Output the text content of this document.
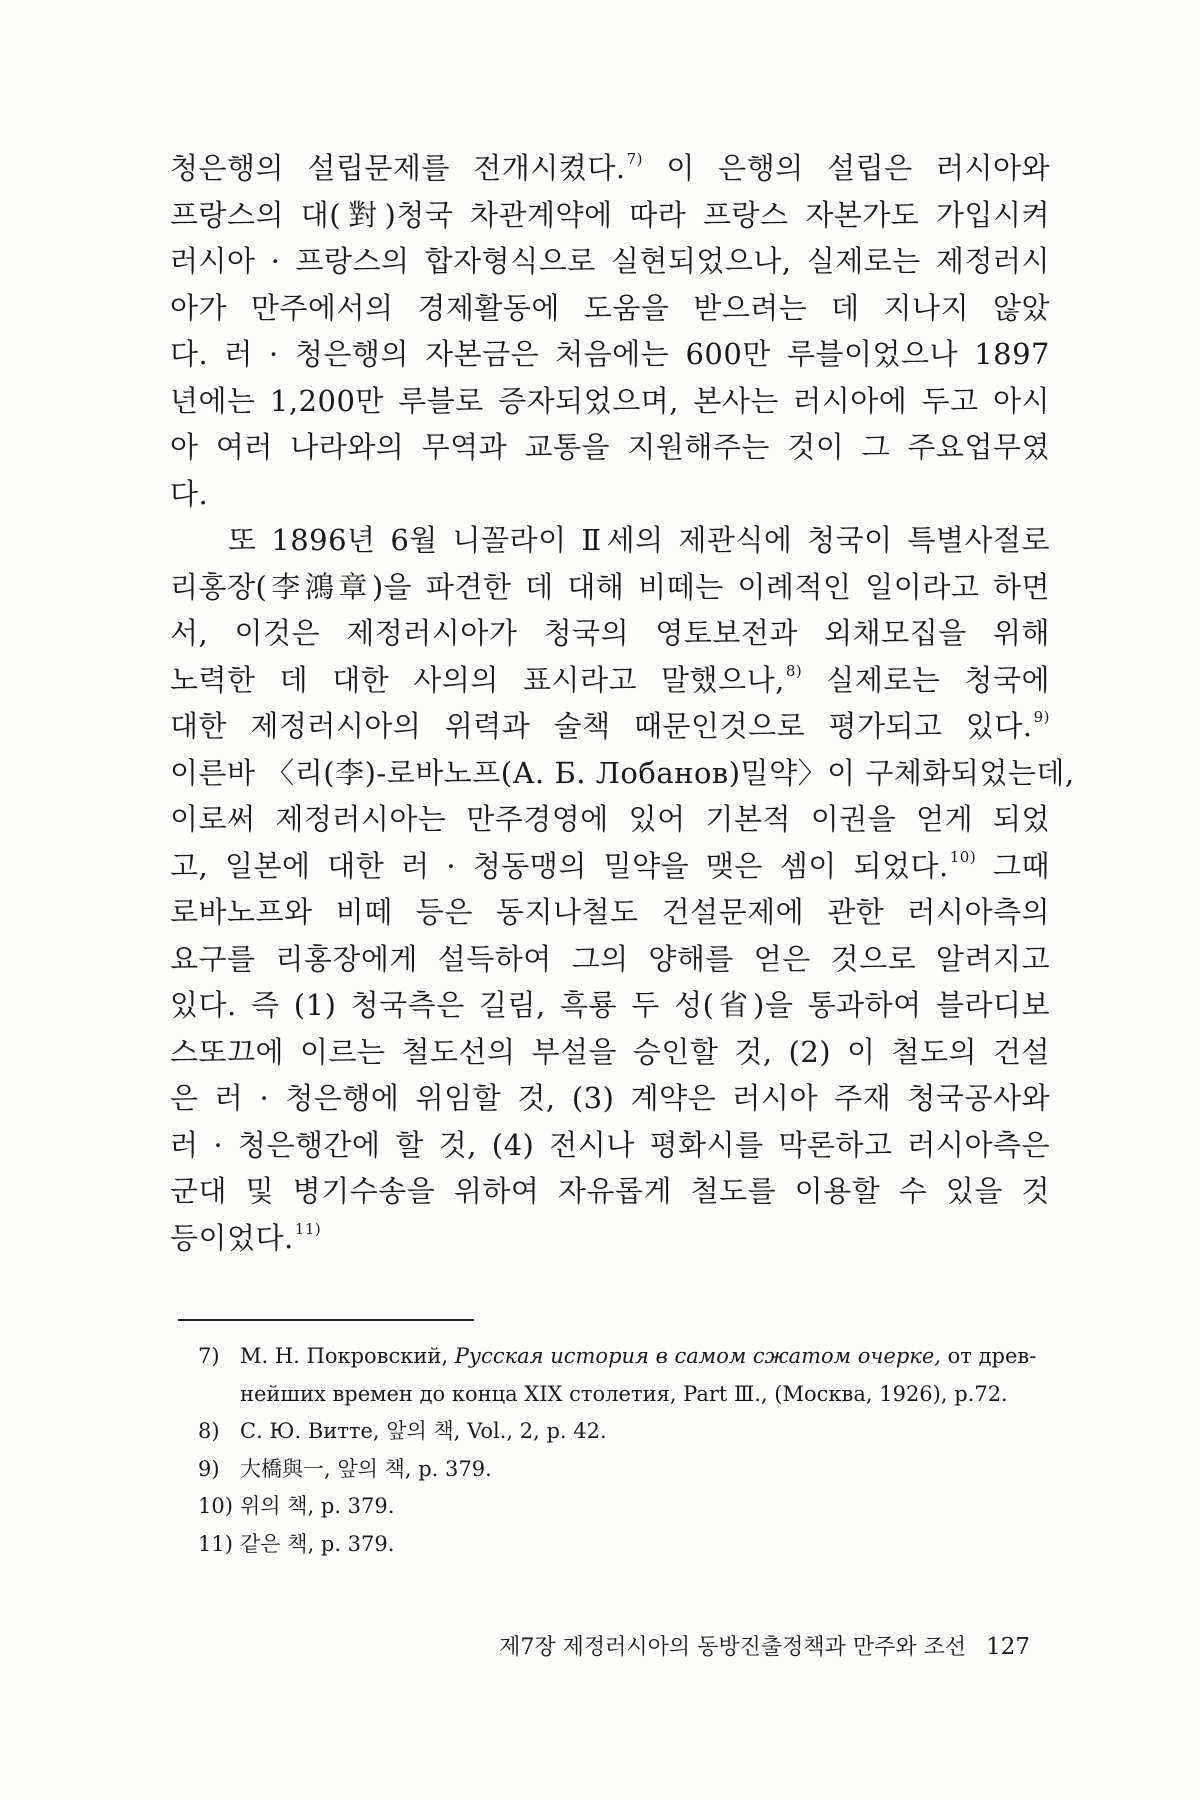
청은행의 설립문제를 전개시켰다.$^{7)}$ 이 은행의 설립은 러시아와
프랑스의 대(對)청국 차관계약에 따라 프랑스 자본가도 가입시켜
러시아 · 프랑스의 합자형식으로 실현되었으나, 실제로는 제정러시
아가 만주에서의 경제활동에 도움을 받으려는 데 지나지 않았
다. 러 · 청은행의 자본금은 처음에는 600만 루블이었으나 1897
년에는 1,200만 루블로 증자되었으며, 본사는 러시아에 두고 아시
아 여러 나라와의 무역과 교통을 지원해주는 것이 그 주요업무였
다.
또 1896년 6월 니꼴라이 Ⅱ세의 제관식에 청국이 특별사절로
리홍장(李鴻章)을 파견한 데 대해 비떼는 이례적인 일이라고 하면
서, 이것은 제정러시아가 청국의 영토보전과 외채모집을 위해
노력한 데 대한 사의의 표시라고 말했으나,$^{8)}$ 실제로는 청국에
대한 제정러시아의 위력과 술책 때문인것으로 평가되고 있다.$^{9)}$
이른바 〈리(李)-로바노프(А. Б. Лобанов)밀약〉이 구체화되었는데,
이로써 제정러시아는 만주경영에 있어 기본적 이권을 얻게 되었
고, 일본에 대한 러 · 청동맹의 밀약을 맺은 셈이 되었다.$^{10)}$ 그때
로바노프와 비떼 등은 동지나철도 건설문제에 관한 러시아측의
요구를 리홍장에게 설득하여 그의 양해를 얻은 것으로 알려지고
있다. 즉 (1) 청국측은 길림, 흑룡 두 성(省)을 통과하여 블라디보
스또끄에 이르는 철도선의 부설을 승인할 것, (2) 이 철도의 건설
은 러 · 청은행에 위임할 것, (3) 계약은 러시아 주재 청국공사와
러 · 청은행간에 할 것, (4) 전시나 평화시를 막론하고 러시아측은
군대 및 병기수송을 위하여 자유롭게 철도를 이용할 수 있을 것
등이었다.$^{11)}$
7) М. Н. Покровский, Русская история в самом сжатом очерке, от древ-
нейших времен до конца XIX столетия, Part Ⅲ., (Москва, 1926), p.72.
8) С. Ю. Витте, 앞의 책, Vol., 2, p. 42.
9) 大橋與一, 앞의 책, p. 379.
10) 위의 책, p. 379.
11) 같은 책, p. 379.
제7장 제정러시아의 동방진출정책과 만주와 조선 127
